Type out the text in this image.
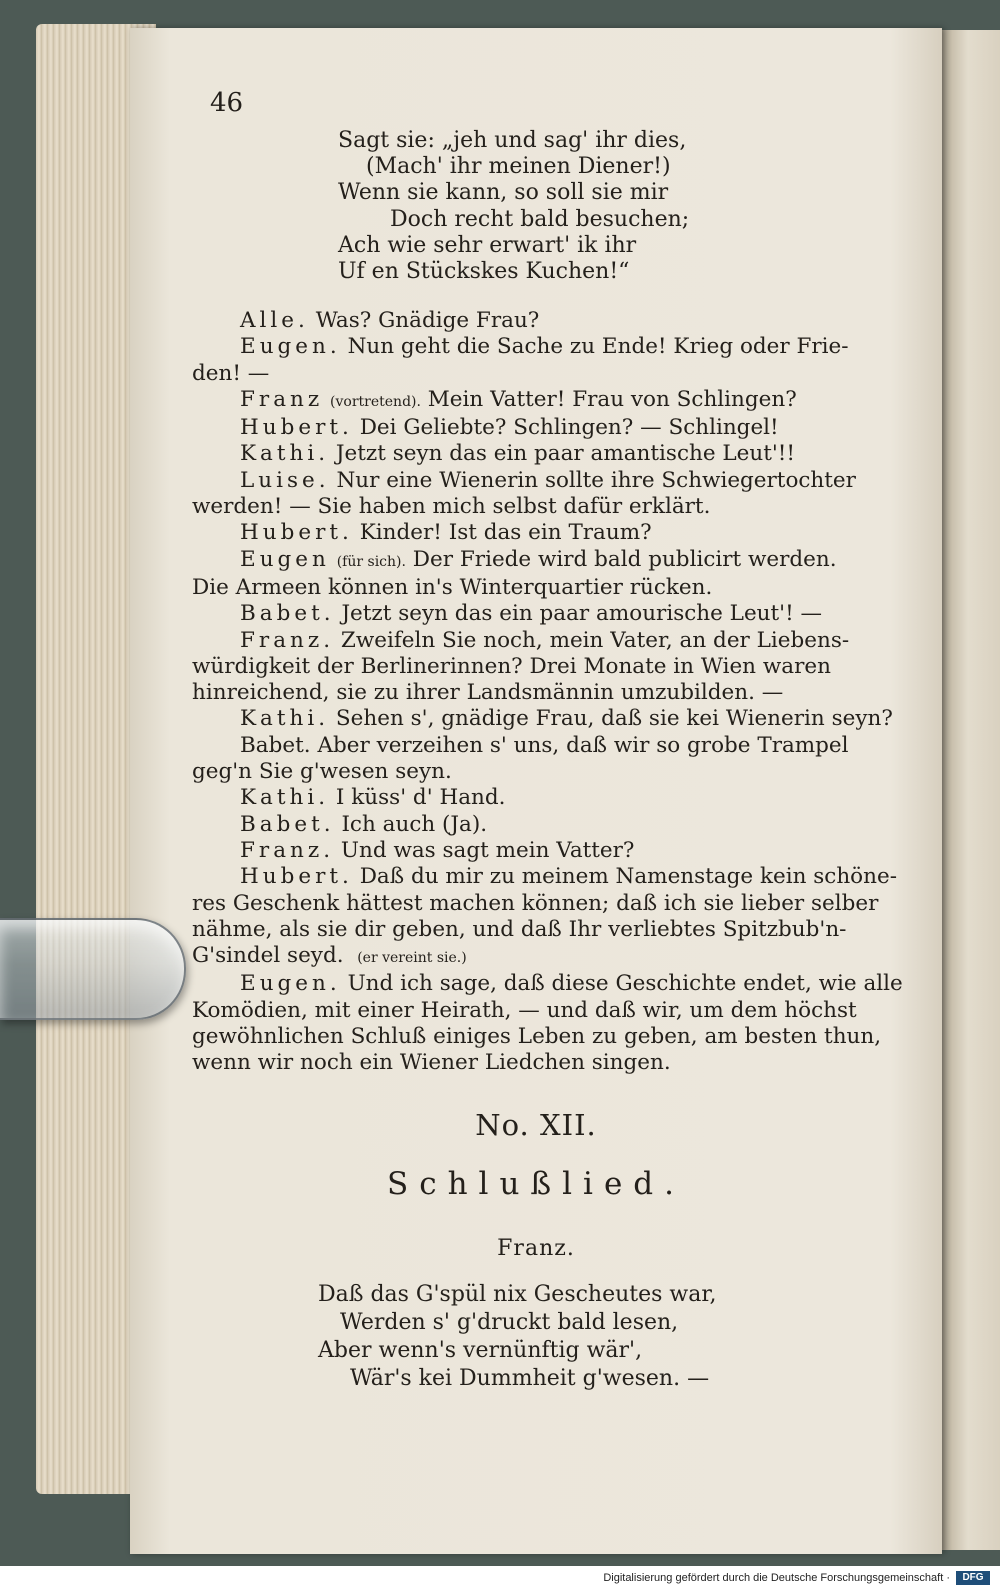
46
Sagt sie: „jeh und sag' ihr dies,
(Mach' ihr meinen Diener!)
Wenn sie kann, so soll sie mir
Doch recht bald besuchen;
Ach wie sehr erwart' ik ihr
Uf en Stückskes Kuchen!“

Alle. Was? Gnädige Frau?

Eugen. Nun geht die Sache zu Ende! Krieg oder Frie-

den! —

Franz (vortretend). Mein Vatter! Frau von Schlingen?

Hubert. Dei Geliebte? Schlingen? — Schlingel!

Kathi. Jetzt seyn das ein paar amantische Leut'!!

Luise. Nur eine Wienerin sollte ihre Schwiegertochter

werden! — Sie haben mich selbst dafür erklärt.

Hubert. Kinder! Ist das ein Traum?

Eugen (für sich). Der Friede wird bald publicirt werden.

Die Armeen können in's Winterquartier rücken.

Babet. Jetzt seyn das ein paar amourische Leut'! —

Franz. Zweifeln Sie noch, mein Vater, an der Liebens-

würdigkeit der Berlinerinnen? Drei Monate in Wien waren

hinreichend, sie zu ihrer Landsmännin umzubilden. —

Kathi. Sehen s', gnädige Frau, daß sie kei Wienerin seyn?

Babet. Aber verzeihen s' uns, daß wir so grobe Trampel

geg'n Sie g'wesen seyn.

Kathi. I küss' d' Hand.

Babet. Ich auch (Ja).

Franz. Und was sagt mein Vatter?

Hubert. Daß du mir zu meinem Namenstage kein schöne-

res Geschenk hättest machen können; daß ich sie lieber selber

nähme, als sie dir geben, und daß Ihr verliebtes Spitzbub'n-

G'sindel seyd. (er vereint sie.)

Eugen. Und ich sage, daß diese Geschichte endet, wie alle

Komödien, mit einer Heirath, — und daß wir, um dem höchst

gewöhnlichen Schluß einiges Leben zu geben, am besten thun,

wenn wir noch ein Wiener Liedchen singen.

No. XII.
Schlußlied.
Franz.
Daß das G'spül nix Gescheutes war,
Werden s' g'druckt bald lesen,
Aber wenn's vernünftig wär',
Wär's kei Dummheit g'wesen. —
Digitalisierung gefördert durch die Deutsche Forschungsgemeinschaft ·	DFG
